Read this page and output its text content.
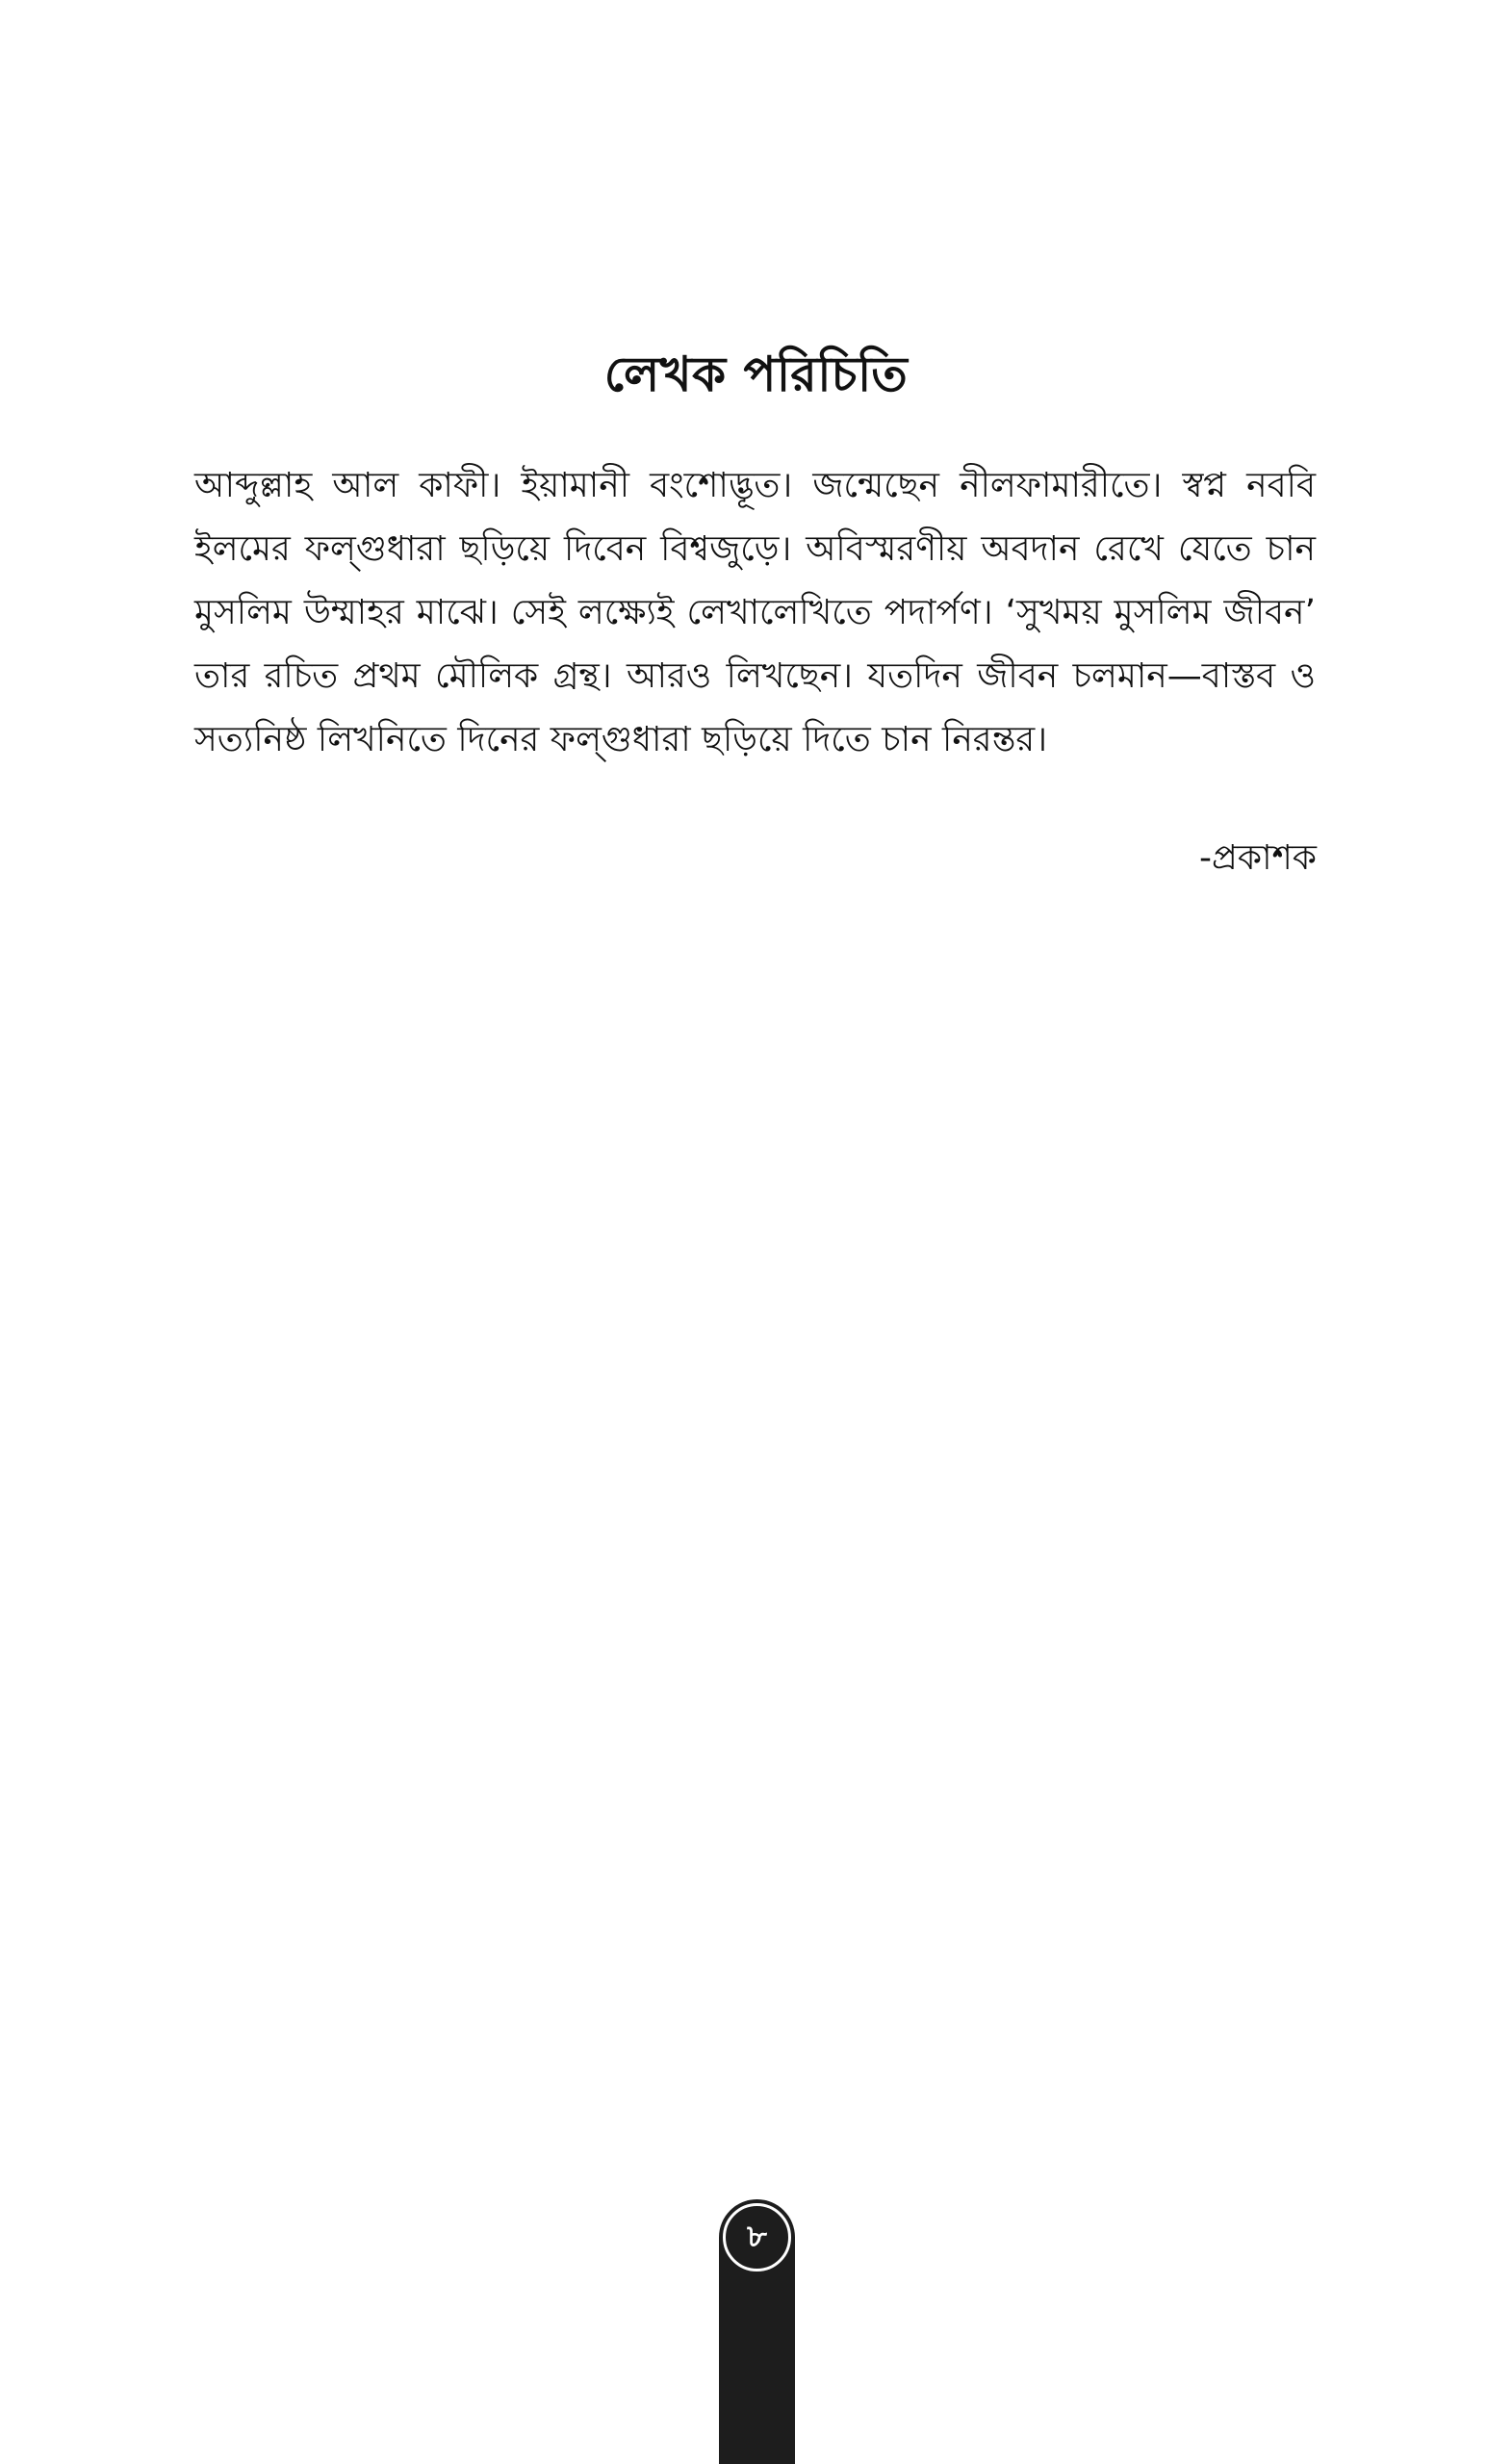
লেখক পরিচিতি

আব্দুল্লাহ আল কাফী। ইয়ামানী বংশোদ্ভূত। জন্মেছেন নীলফামারীতে। স্বপ্ন নববি ইলমের ফল্গুধারা ছড়িয়ে দিবেন বিশ্বজুড়ে। অবিস্মরণীয় অবদান রেখে যেতে চান মুসলিম উম্মাহর মাঝে। সেই লক্ষ্যেই লেখালেখিতে পদার্পণ। ‘সুখময় মুসলিম জীবন’ তার রচিত প্রথম মৌলিক গ্রন্থ। আরও লিখছেন। যতদিন জীবন চলমান—বাস্তব ও সত্যনিষ্ঠ লিখনিতে দিনের ফল্গুধারা ছড়িয়ে দিতে চান নিরন্তর।

-প্রকাশক

৮
